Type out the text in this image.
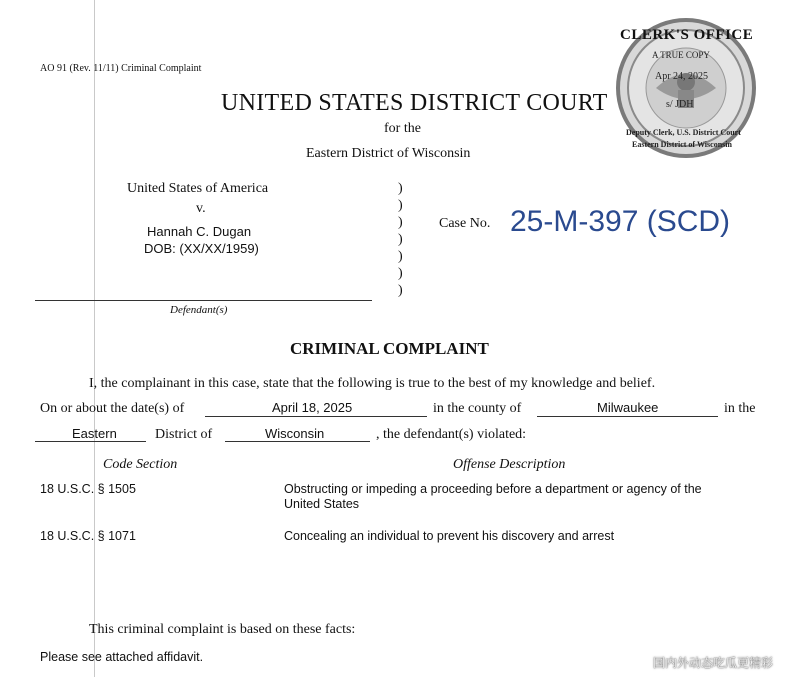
AO 91 (Rev. 11/11) Criminal Complaint
CLERK'S OFFICE
A TRUE COPY
Apr 24, 2025
s/ JDH
Deputy Clerk, U.S. District Court
Eastern District of Wisconsin
UNITED STATES DISTRICT COURT
for the
Eastern District of Wisconsin
United States of America
v.
Hannah C. Dugan
DOB: (XX/XX/1959)
Defendant(s)
)
)
)
)
)
)
)
Case No. 25-M-397 (SCD)
CRIMINAL COMPLAINT
I, the complainant in this case, state that the following is true to the best of my knowledge and belief.
On or about the date(s) of	April 18, 2025	in the county of	Milwaukee	in the
Eastern	District of	Wisconsin	, the defendant(s) violated:
Code Section	Offense Description
18 U.S.C. § 1505	Obstructing or impeding a proceeding before a department or agency of the
United States
18 U.S.C. § 1071	Concealing an individual to prevent his discovery and arrest
This criminal complaint is based on these facts:
Please see attached affidavit.	国内外动态吃瓜更精彩
